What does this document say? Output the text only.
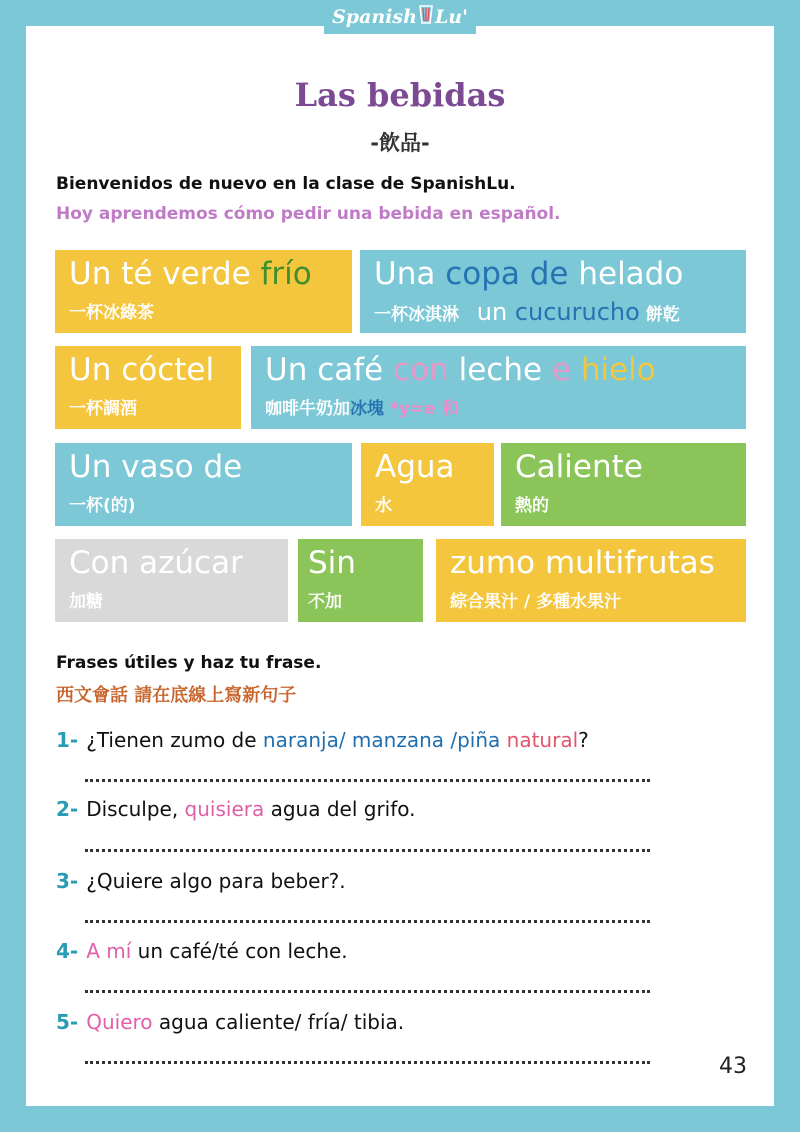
Spanish Lu'
Las bebidas
-飲品-
Bienvenidos de nuevo en la clase de SpanishLu.
Hoy aprendemos cómo pedir una bebida en español.
Un té verde frío
一杯冰綠茶
Una copa de helado
一杯冰淇淋 un cucurucho 餅乾
Un cóctel
一杯調酒
Un café con leche e hielo
咖啡牛奶加冰塊 *y=e 和
Un vaso de
一杯(的)
Agua
水
Caliente
熱的
Con azúcar
加糖
Sin
不加
zumo multifrutas
綜合果汁 / 多種水果汁
Frases útiles y haz tu frase.
西文會話 請在底線上寫新句子
1- ¿Tienen zumo de naranja/ manzana /piña natural?
2- Disculpe, quisiera agua del grifo.
3- ¿Quiere algo para beber?.
4- A mí un café/té con leche.
5- Quiero agua caliente/ fría/ tibia.
43
